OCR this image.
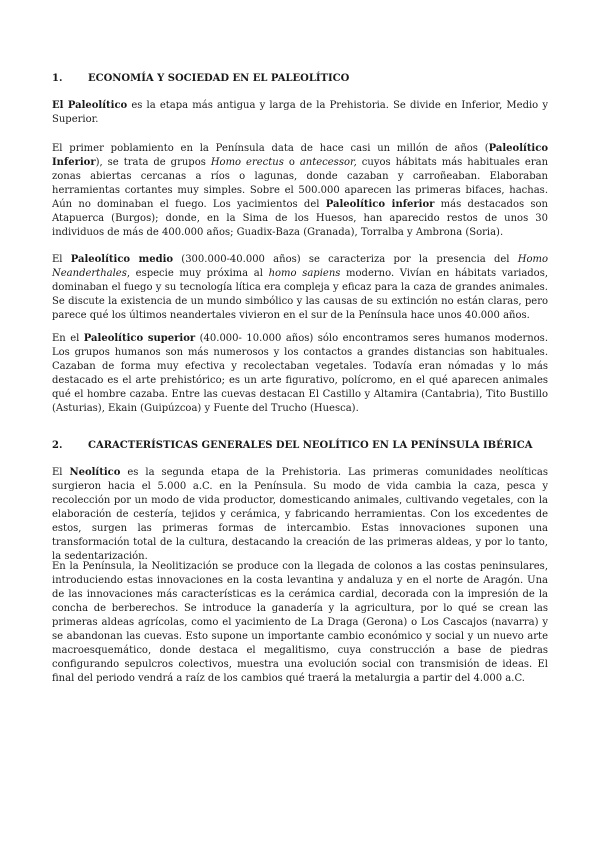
1.	ECONOMÍA Y SOCIEDAD EN EL PALEOLÍTICO

El Paleolítico es la etapa más antigua y larga de la Prehistoria. Se divide en Inferior, Medio y Superior.

El primer poblamiento en la Península data de hace casi un millón de años (Paleolítico Inferior), se trata de grupos Homo erectus o antecessor, cuyos hábitats más habituales eran zonas abiertas cercanas a ríos o lagunas, donde cazaban y carroñeaban. Elaboraban herramientas cortantes muy simples. Sobre el 500.000 aparecen las primeras bifaces, hachas. Aún no dominaban el fuego. Los yacimientos del Paleolítico inferior más destacados son Atapuerca (Burgos); donde, en la Sima de los Huesos, han aparecido restos de unos 30 individuos de más de 400.000 años; Guadix-Baza (Granada), Torralba y Ambrona (Soria).

El Paleolítico medio (300.000-40.000 años) se caracteriza por la presencia del Homo Neanderthales, especie muy próxima al homo sapiens moderno. Vivían en hábitats variados, dominaban el fuego y su tecnología lítica era compleja y eficaz para la caza de grandes animales. Se discute la existencia de un mundo simbólico y las causas de su extinción no están claras, pero parece qué los últimos neandertales vivieron en el sur de la Península hace unos 40.000 años.

En el Paleolítico superior (40.000- 10.000 años) sólo encontramos seres humanos modernos. Los grupos humanos son más numerosos y los contactos a grandes distancias son habituales. Cazaban de forma muy efectiva y recolectaban vegetales. Todavía eran nómadas y lo más destacado es el arte prehistórico; es un arte figurativo, polícromo, en el qué aparecen animales qué el hombre cazaba. Entre las cuevas destacan El Castillo y Altamira (Cantabria), Tito Bustillo (Asturias), Ekain (Guipúzcoa) y Fuente del Trucho (Huesca).

2.	CARACTERÍSTICAS GENERALES DEL NEOLÍTICO EN LA PENÍNSULA IBÉRICA

El Neolítico es la segunda etapa de la Prehistoria. Las primeras comunidades neolíticas surgieron hacia el 5.000 a.C. en la Península. Su modo de vida cambia la caza, pesca y recolección por un modo de vida productor, domesticando animales, cultivando vegetales, con la elaboración de cestería, tejidos y cerámica, y fabricando herramientas. Con los excedentes de estos, surgen las primeras formas de intercambio. Estas innovaciones suponen una transformación total de la cultura, destacando la creación de las primeras aldeas, y por lo tanto, la sedentarización.

En la Península, la Neolitización se produce con la llegada de colonos a las costas peninsulares, introduciendo estas innovaciones en la costa levantina y andaluza y en el norte de Aragón. Una de las innovaciones más características es la cerámica cardial, decorada con la impresión de la concha de berberechos. Se introduce la ganadería y la agricultura, por lo qué se crean las primeras aldeas agrícolas, como el yacimiento de La Draga (Gerona) o Los Cascajos (navarra) y se abandonan las cuevas. Esto supone un importante cambio económico y social y un nuevo arte macroesquemático, donde destaca el megalitismo, cuya construcción a base de piedras configurando sepulcros colectivos, muestra una evolución social con transmisión de ideas. El final del periodo vendrá a raíz de los cambios qué traerá la metalurgia a partir del 4.000 a.C.
